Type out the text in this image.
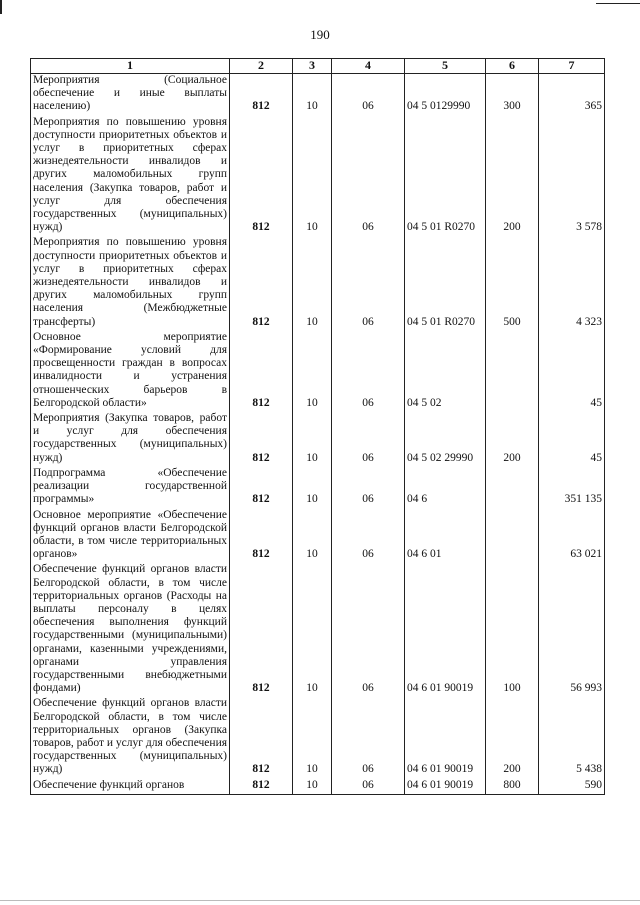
190
1	2	3	4	5	6	7
Мероприятия (Социальное обеспечение и иные выплаты населению)	812	10	06	04 5 0129990	300	365
Мероприятия по повышению уровня доступности приоритетных объектов и услуг в приоритетных сферах жизнедеятельности инвалидов и других маломобильных групп населения (Закупка товаров, работ и услуг для обеспечения государственных (муниципальных) нужд)	812	10	06	04 5 01 R0270	200	3 578
Мероприятия по повышению уровня доступности приоритетных объектов и услуг в приоритетных сферах жизнедеятельности инвалидов и других маломобильных групп населения (Межбюджетные трансферты)	812	10	06	04 5 01 R0270	500	4 323
Основное мероприятие «Формирование условий для просвещенности граждан в вопросах инвалидности и устранения отношенческих барьеров в Белгородской области»	812	10	06	04 5 02		45
Мероприятия (Закупка товаров, работ и услуг для обеспечения государственных (муниципальных) нужд)	812	10	06	04 5 02 29990	200	45
Подпрограмма «Обеспечение реализации государственной программы»	812	10	06	04 6		351 135
Основное мероприятие «Обеспечение функций органов власти Белгородской области, в том числе территориальных органов»	812	10	06	04 6 01		63 021
Обеспечение функций органов власти Белгородской области, в том числе территориальных органов (Расходы на выплаты персоналу в целях обеспечения выполнения функций государственными (муниципальными) органами, казенными учреждениями, органами управления государственными внебюджетными фондами)	812	10	06	04 6 01 90019	100	56 993
Обеспечение функций органов власти Белгородской области, в том числе территориальных органов (Закупка товаров, работ и услуг для обеспечения государственных (муниципальных) нужд)	812	10	06	04 6 01 90019	200	5 438
Обеспечение функций органов	812	10	06	04 6 01 90019	800	590
